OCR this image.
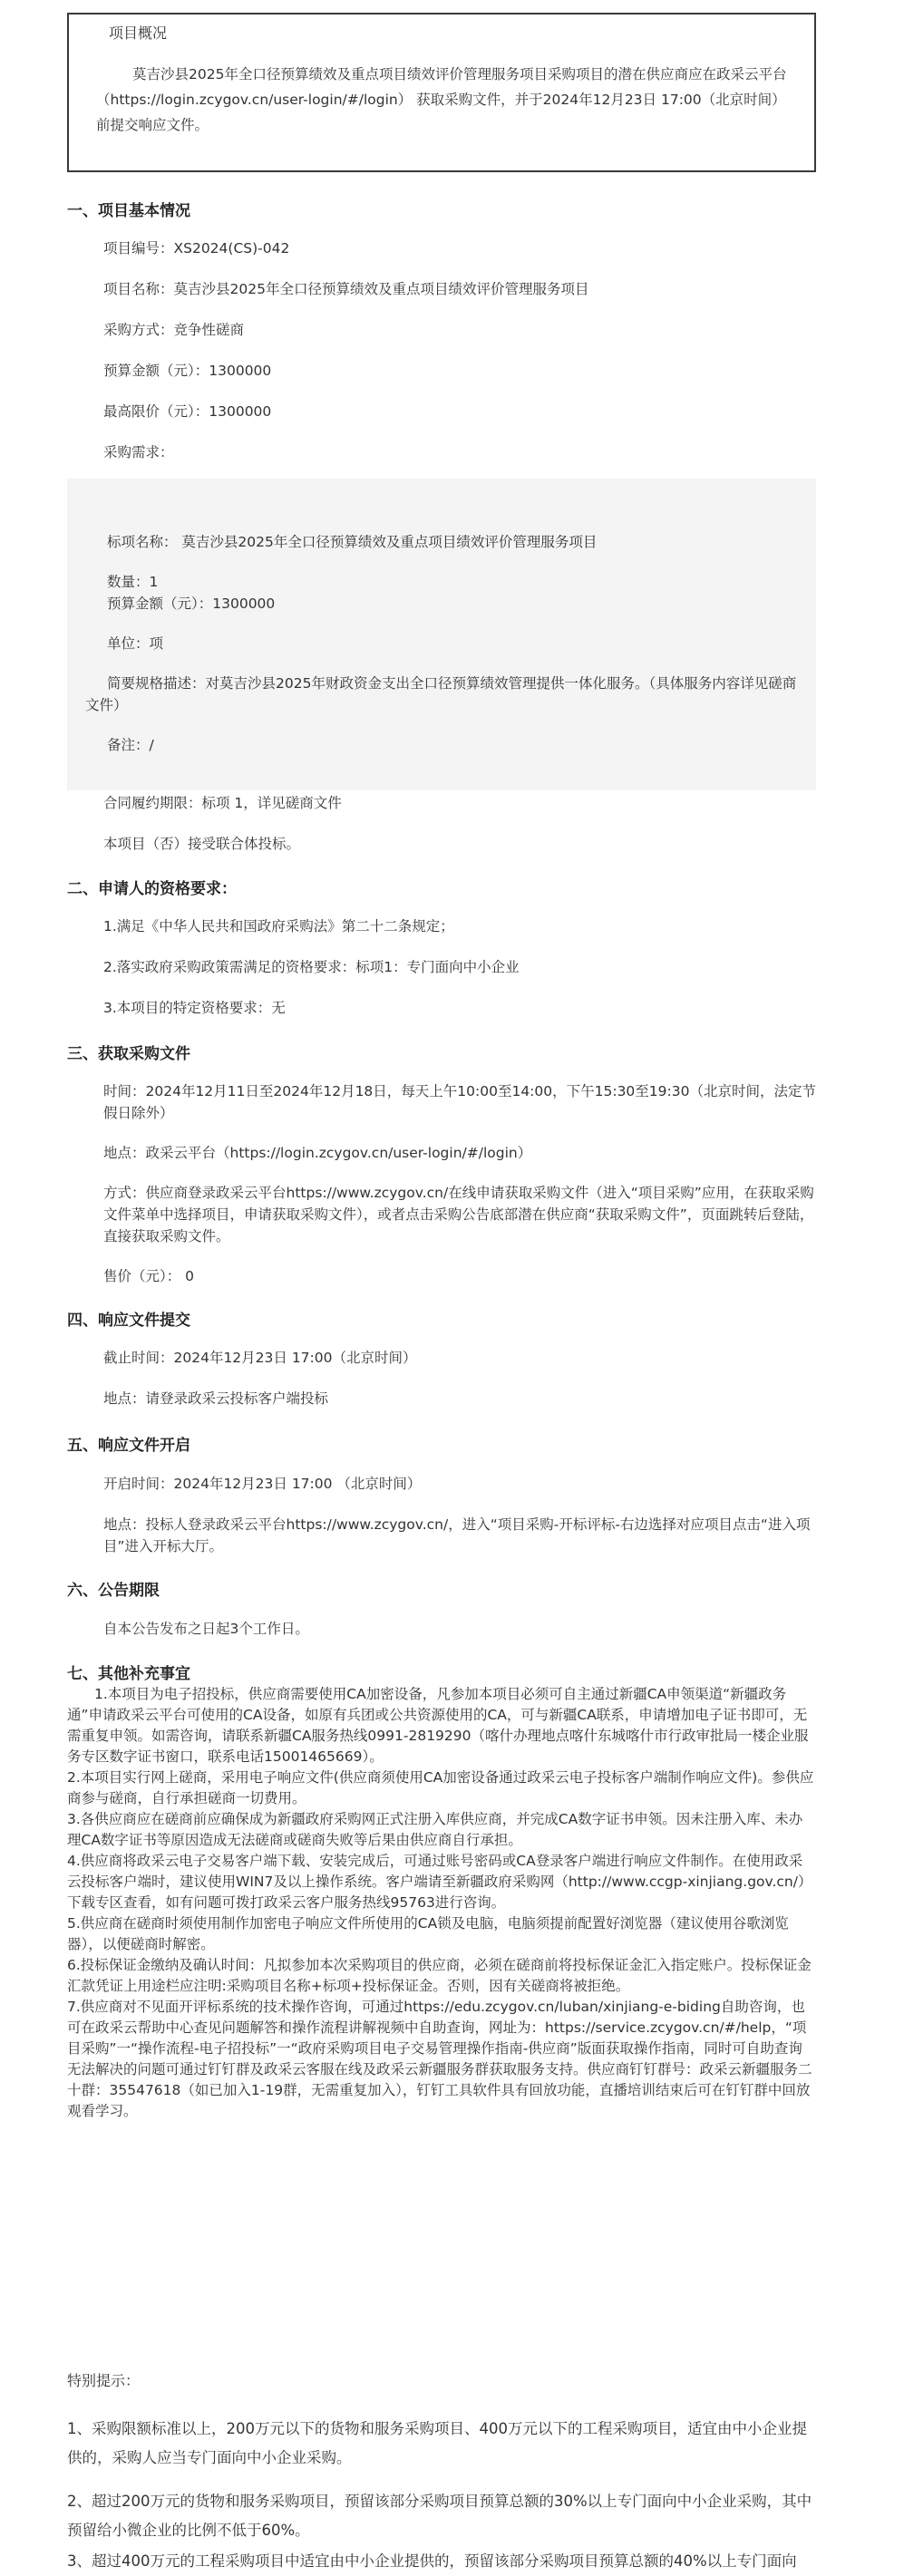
项目概况
莫吉沙县2025年全口径预算绩效及重点项目绩效评价管理服务项目采购项目的潜在供应商应在政采云平台（https://login.zcygov.cn/user-login/#/login） 获取采购文件，并于2024年12月23日 17:00（北京时间）前提交响应文件。
一、项目基本情况
项目编号：XS2024(CS)-042
项目名称：莫吉沙县2025年全口径预算绩效及重点项目绩效评价管理服务项目
采购方式：竞争性磋商
预算金额（元）：1300000
最高限价（元）：1300000
采购需求：
标项名称： 莫吉沙县2025年全口径预算绩效及重点项目绩效评价管理服务项目
数量：1
预算金额（元）：1300000
单位：项
简要规格描述：对莫吉沙县2025年财政资金支出全口径预算绩效管理提供一体化服务。（具体服务内容详见磋商文件）
备注：/
合同履约期限：标项 1，详见磋商文件
本项目（否）接受联合体投标。
二、申请人的资格要求：
1.满足《中华人民共和国政府采购法》第二十二条规定；
2.落实政府采购政策需满足的资格要求：标项1：专门面向中小企业
3.本项目的特定资格要求：无
三、获取采购文件
时间：2024年12月11日至2024年12月18日，每天上午10:00至14:00，下午15:30至19:30（北京时间，法定节假日除外）
地点：政采云平台（https://login.zcygov.cn/user-login/#/login）
方式：供应商登录政采云平台https://www.zcygov.cn/在线申请获取采购文件（进入“项目采购”应用，在获取采购文件菜单中选择项目，申请获取采购文件），或者点击采购公告底部潜在供应商“获取采购文件”，页面跳转后登陆，直接获取采购文件。
售价（元）： 0
四、响应文件提交
截止时间：2024年12月23日 17:00（北京时间）
地点：请登录政采云投标客户端投标
五、响应文件开启
开启时间：2024年12月23日 17:00 （北京时间）
地点：投标人登录政采云平台https://www.zcygov.cn/，进入“项目采购-开标评标-右边选择对应项目点击“进入项目”进入开标大厅。
六、公告期限
自本公告发布之日起3个工作日。
七、其他补充事宜
1.本项目为电子招投标，供应商需要使用CA加密设备，凡参加本项目必须可自主通过新疆CA申领渠道“新疆政务通”申请政采云平台可使用的CA设备，如原有兵团或公共资源使用的CA，可与新疆CA联系，申请增加电子证书即可，无需重复申领。如需咨询，请联系新疆CA服务热线0991-2819290（喀什办理地点喀什东城喀什市行政审批局一楼企业服务专区数字证书窗口，联系电话15001465669）。
2.本项目实行网上磋商，采用电子响应文件(供应商须使用CA加密设备通过政采云电子投标客户端制作响应文件)。参供应商参与磋商，自行承担磋商一切费用。
3.各供应商应在磋商前应确保成为新疆政府采购网正式注册入库供应商，并完成CA数字证书申领。因未注册入库、未办理CA数字证书等原因造成无法磋商或磋商失败等后果由供应商自行承担。
4.供应商将政采云电子交易客户端下载、安装完成后，可通过账号密码或CA登录客户端进行响应文件制作。在使用政采云投标客户端时，建议使用WIN7及以上操作系统。客户端请至新疆政府采购网（http://www.ccgp-xinjiang.gov.cn/）下载专区查看，如有问题可拨打政采云客户服务热线95763进行咨询。
5.供应商在磋商时须使用制作加密电子响应文件所使用的CA锁及电脑，电脑须提前配置好浏览器（建议使用谷歌浏览器），以便磋商时解密。
6.投标保证金缴纳及确认时间：凡拟参加本次采购项目的供应商，必须在磋商前将投标保证金汇入指定账户。投标保证金汇款凭证上用途栏应注明:采购项目名称+标项+投标保证金。否则，因有关磋商将被拒绝。
7.供应商对不见面开评标系统的技术操作咨询，可通过https://edu.zcygov.cn/luban/xinjiang-e-biding自助咨询，也可在政采云帮助中心查见问题解答和操作流程讲解视频中自助查询，网址为：https://service.zcygov.cn/#/help，“项目采购”一“操作流程-电子招投标”一“政府采购项目电子交易管理操作指南-供应商”版面获取操作指南，同时可自助查询无法解决的问题可通过钉钉群及政采云客服在线及政采云新疆服务群获取服务支持。供应商钉钉群号：政采云新疆服务二十群：35547618（如已加入1-19群，无需重复加入），钉钉工具软件具有回放功能，直播培训结束后可在钉钉群中回放观看学习。
特别提示：
1、采购限额标准以上，200万元以下的货物和服务采购项目、400万元以下的工程采购项目，适宜由中小企业提供的，采购人应当专门面向中小企业采购。
2、超过200万元的货物和服务采购项目，预留该部分采购项目预算总额的30%以上专门面向中小企业采购，其中预留给小微企业的比例不低于60%。
3、超过400万元的工程采购项目中适宜由中小企业提供的，预留该部分采购项目预算总额的40%以上专门面向
